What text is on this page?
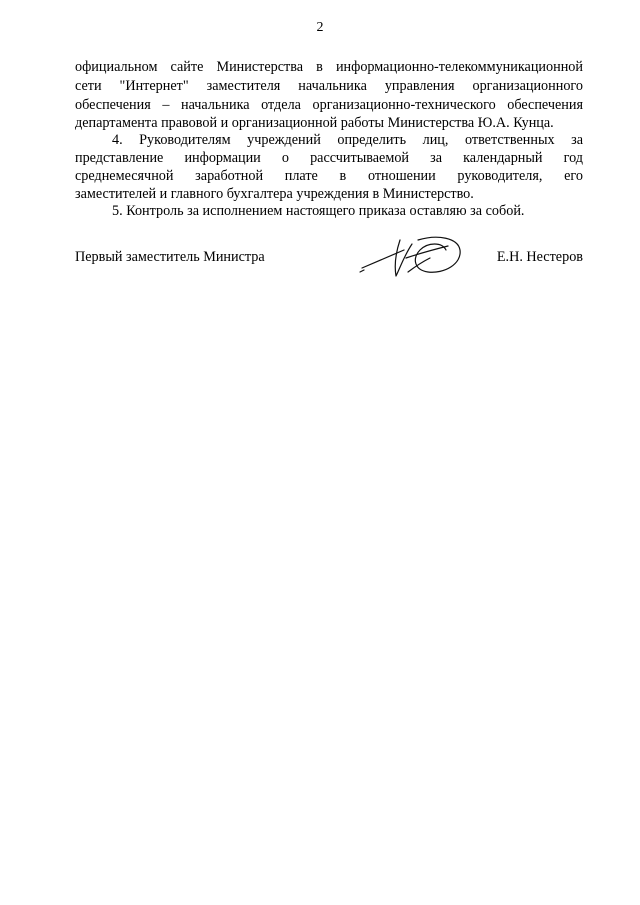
2
официальном сайте Министерства в информационно-телекоммуникационной
сети "Интернет" заместителя начальника управления организационного
обеспечения – начальника отдела организационно-технического обеспечения
департамента правовой и организационной работы Министерства Ю.А. Кунца.
4. Руководителям учреждений определить лиц, ответственных за
представление информации о рассчитываемой за календарный год
среднемесячной заработной плате в отношении руководителя, его
заместителей и главного бухгалтера учреждения в Министерство.
5. Контроль за исполнением настоящего приказа оставляю за собой.
Первый заместитель Министра	Е.Н. Нестеров
